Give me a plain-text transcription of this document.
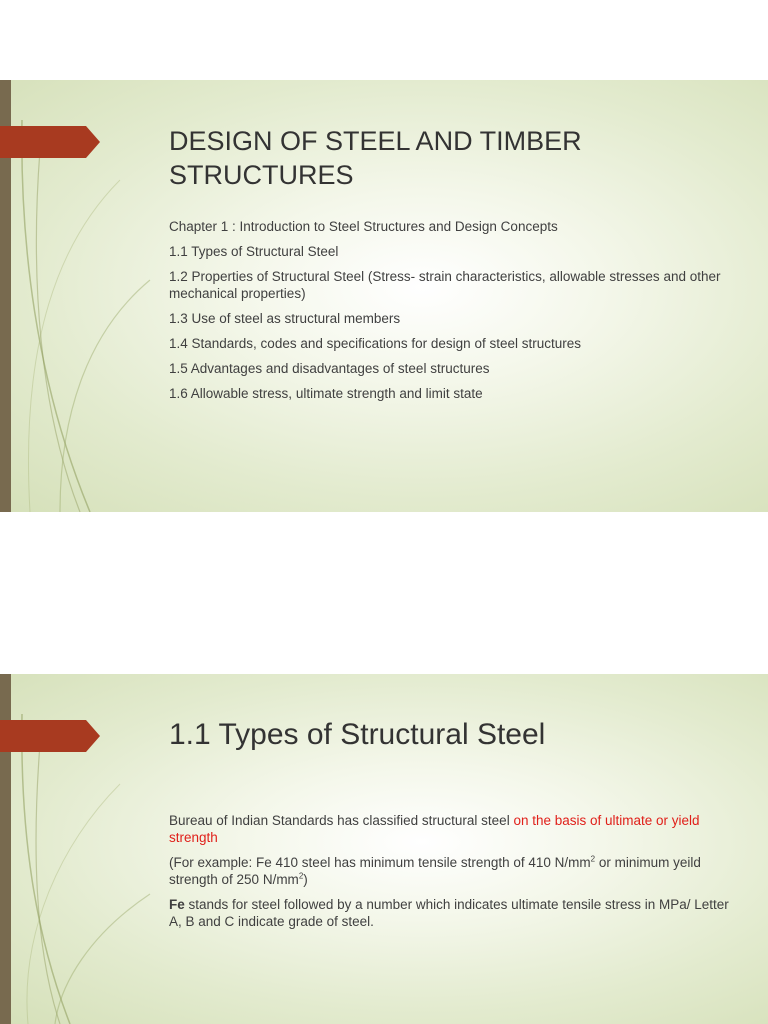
DESIGN OF STEEL AND TIMBER
STRUCTURES

Chapter 1 : Introduction to Steel Structures and Design Concepts

1.1 Types of Structural Steel

1.2 Properties of Structural Steel (Stress- strain characteristics, allowable stresses and other mechanical properties)

1.3 Use of steel as structural members

1.4 Standards, codes and specifications for design of steel structures

1.5 Advantages and disadvantages of steel structures

1.6 Allowable stress, ultimate strength and limit state

1.1 Types of Structural Steel

Bureau of Indian Standards has classified structural steel on the basis of ultimate or yield strength

(For example: Fe 410 steel has minimum tensile strength of 410 $N/mm^2$ or minimum yeild strength of 250 $N/mm^2$)

Fe stands for steel followed by a number which indicates ultimate tensile stress in MPa/ Letter A, B and C indicate grade of steel.
